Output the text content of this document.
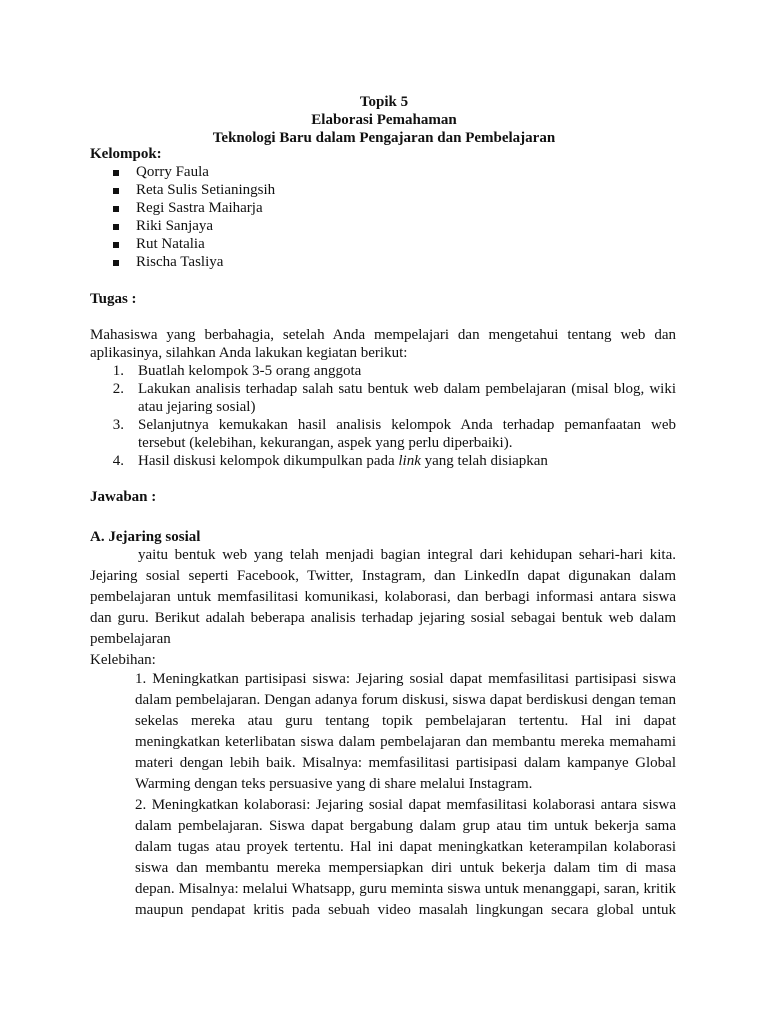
Topik 5
Elaborasi Pemahaman
Teknologi Baru dalam Pengajaran dan Pembelajaran
Kelompok:
Qorry Faula
Reta Sulis Setianingsih
Regi Sastra Maiharja
Riki Sanjaya
Rut Natalia
Rischa Tasliya
Tugas :
Mahasiswa yang berbahagia, setelah Anda mempelajari dan mengetahui tentang web dan
aplikasinya, silahkan Anda lakukan kegiatan berikut:
1. Buatlah kelompok 3-5 orang anggota
2. Lakukan analisis terhadap salah satu bentuk web dalam pembelajaran (misal blog, wiki
atau jejaring sosial)
3. Selanjutnya kemukakan hasil analisis kelompok Anda terhadap pemanfaatan web
tersebut (kelebihan, kekurangan, aspek yang perlu diperbaiki).
4. Hasil diskusi kelompok dikumpulkan pada link yang telah disiapkan
Jawaban :
A. Jejaring sosial
yaitu bentuk web yang telah menjadi bagian integral dari kehidupan sehari-hari kita.
Jejaring sosial seperti Facebook, Twitter, Instagram, dan LinkedIn dapat digunakan dalam
pembelajaran untuk memfasilitasi komunikasi, kolaborasi, dan berbagi informasi antara siswa
dan guru. Berikut adalah beberapa analisis terhadap jejaring sosial sebagai bentuk web dalam
pembelajaran
Kelebihan:
1. Meningkatkan partisipasi siswa: Jejaring sosial dapat memfasilitasi partisipasi siswa
dalam pembelajaran. Dengan adanya forum diskusi, siswa dapat berdiskusi dengan teman
sekelas mereka atau guru tentang topik pembelajaran tertentu. Hal ini dapat
meningkatkan keterlibatan siswa dalam pembelajaran dan membantu mereka memahami
materi dengan lebih baik. Misalnya: memfasilitasi partisipasi dalam kampanye Global
Warming dengan teks persuasive yang di share melalui Instagram.
2. Meningkatkan kolaborasi: Jejaring sosial dapat memfasilitasi kolaborasi antara siswa
dalam pembelajaran. Siswa dapat bergabung dalam grup atau tim untuk bekerja sama
dalam tugas atau proyek tertentu. Hal ini dapat meningkatkan keterampilan kolaborasi
siswa dan membantu mereka mempersiapkan diri untuk bekerja dalam tim di masa
depan. Misalnya: melalui Whatsapp, guru meminta siswa untuk menanggapi, saran, kritik
maupun pendapat kritis pada sebuah video masalah lingkungan secara global untuk
